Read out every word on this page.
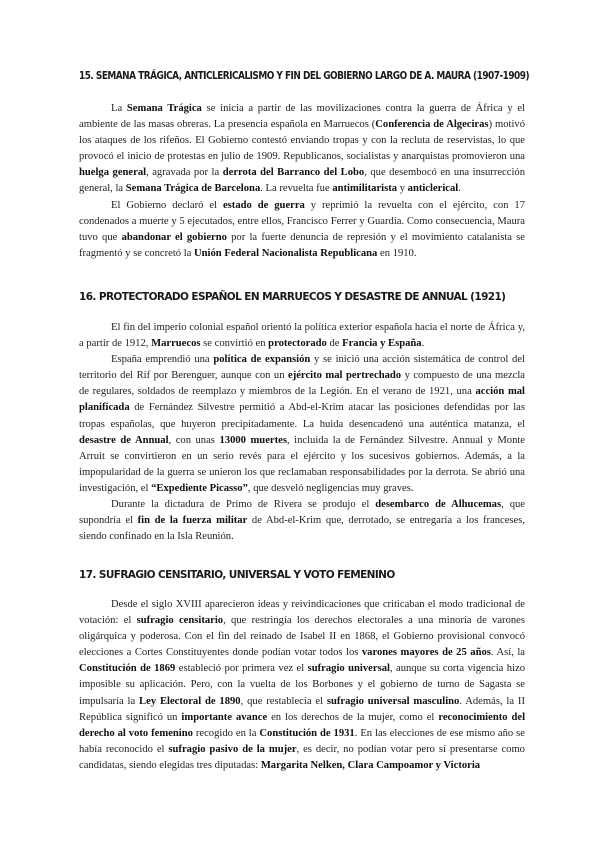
15. SEMANA TRÁGICA, ANTICLERICALISMO Y FIN DEL GOBIERNO LARGO DE A. MAURA (1907-1909)

La Semana Trágica se inicia a partir de las movilizaciones contra la guerra de África y el ambiente de las masas obreras. La presencia española en Marruecos (Conferencia de Algeciras) motivó los ataques de los rifeños. El Gobierno contestó enviando tropas y con la recluta de reservistas, lo que provocó el inicio de protestas en julio de 1909. Republicanos, socialistas y anarquistas promovieron una huelga general, agravada por la derrota del Barranco del Lobo, que desembocó en una insurrección general, la Semana Trágica de Barcelona. La revuelta fue antimilitarista y anticlerical.

El Gobierno declaró el estado de guerra y reprimió la revuelta con el ejército, con 17 condenados a muerte y 5 ejecutados, entre ellos, Francisco Ferrer y Guardia. Como consecuencia, Maura tuvo que abandonar el gobierno por la fuerte denuncia de represión y el movimiento catalanista se fragmentó y se concretó la Unión Federal Nacionalista Republicana en 1910.

16. PROTECTORADO ESPAÑOL EN MARRUECOS Y DESASTRE DE ANNUAL (1921)

El fin del imperio colonial español orientó la política exterior española hacia el norte de África y, a partir de 1912, Marruecos se convirtió en protectorado de Francia y España.

España emprendió una política de expansión y se inició una acción sistemática de control del territorio del Rif por Berenguer, aunque con un ejército mal pertrechado y compuesto de una mezcla de regulares, soldados de reemplazo y miembros de la Legión. En el verano de 1921, una acción mal planificada de Fernández Silvestre permitió a Abd-el-Krim atacar las posiciones defendidas por las tropas españolas, que huyeron precipitadamente. La huida desencadenó una auténtica matanza, el desastre de Annual, con unas 13000 muertes, incluida la de Fernández Silvestre. Annual y Monte Arruit se convirtieron en un serio revés para el ejército y los sucesivos gobiernos. Además, a la impopularidad de la guerra se unieron los que reclamaban responsabilidades por la derrota. Se abrió una investigación, el “Expediente Picasso”, que desveló negligencias muy graves.

Durante la dictadura de Primo de Rivera se produjo el desembarco de Alhucemas, que supondría el fin de la fuerza militar de Abd-el-Krim que, derrotado, se entregaría a los franceses, siendo confinado en la Isla Reunión.

17. SUFRAGIO CENSITARIO, UNIVERSAL Y VOTO FEMENINO

Desde el siglo XVIII aparecieron ideas y reivindicaciones que criticaban el modo tradicional de votación: el sufragio censitario, que restringía los derechos electorales a una minoría de varones oligárquica y poderosa. Con el fin del reinado de Isabel II en 1868, el Gobierno provisional convocó elecciones a Cortes Constituyentes donde podían votar todos los varones mayores de 25 años. Así, la Constitución de 1869 estableció por primera vez el sufragio universal, aunque su corta vigencia hizo imposible su aplicación. Pero, con la vuelta de los Borbones y el gobierno de turno de Sagasta se impulsaría la Ley Electoral de 1890, que restablecía el sufragio universal masculino. Además, la II República significó un importante avance en los derechos de la mujer, como el reconocimiento del derecho al voto femenino recogido en la Constitución de 1931. En las elecciones de ese mismo año se había reconocido el sufragio pasivo de la mujer, es decir, no podían votar pero sí presentarse como candidatas, siendo elegidas tres diputadas: Margarita Nelken, Clara Campoamor y Victoria
